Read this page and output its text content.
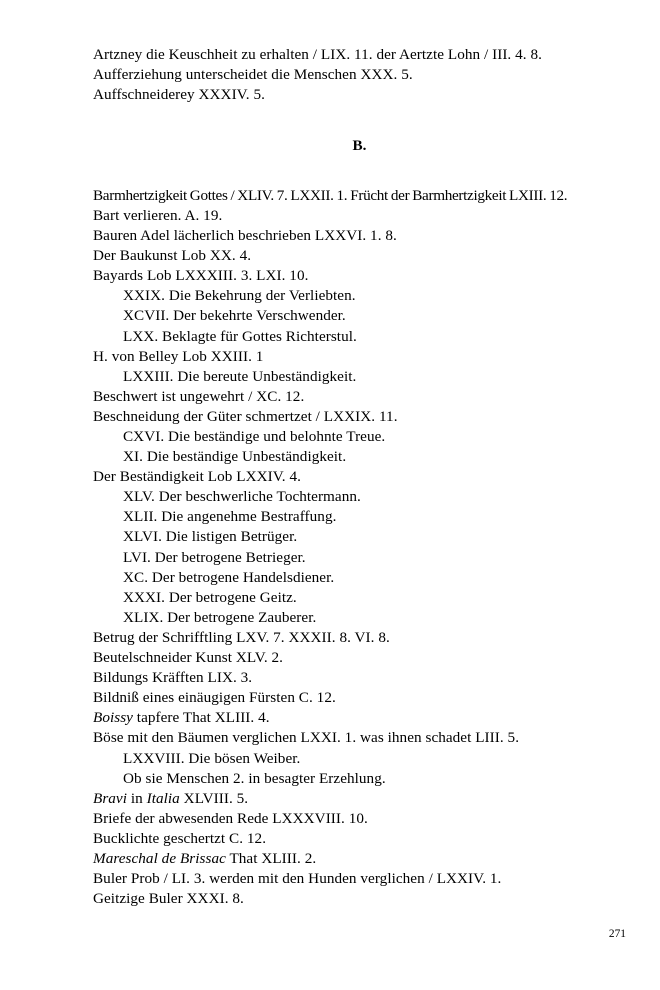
Artzney die Keuschheit zu erhalten / LIX. 11. der Aertzte Lohn / III. 4. 8.

Aufferziehung unterscheidet die Menschen XXX. 5.

Auffschneiderey XXXIV. 5.

B.

Barmhertzigkeit Gottes / XLIV. 7. LXXII. 1. Frücht der Barmhertzigkeit LXIII. 12.

Bart verlieren. A. 19.

Bauren Adel lächerlich beschrieben LXXVI. 1. 8.

Der Baukunst Lob XX. 4.

Bayards Lob LXXXIII. 3. LXI. 10.

XXIX. Die Bekehrung der Verliebten.

XCVII. Der bekehrte Verschwender.

LXX. Beklagte für Gottes Richterstul.

H. von Belley Lob XXIII. 1

LXXIII. Die bereute Unbeständigkeit.

Beschwert ist ungewehrt / XC. 12.

Beschneidung der Güter schmertzet / LXXIX. 11.

CXVI. Die beständige und belohnte Treue.

XI. Die beständige Unbeständigkeit.

Der Beständigkeit Lob LXXIV. 4.

XLV. Der beschwerliche Tochtermann.

XLII. Die angenehme Bestraffung.

XLVI. Die listigen Betrüger.

LVI. Der betrogene Betrieger.

XC. Der betrogene Handelsdiener.

XXXI. Der betrogene Geitz.

XLIX. Der betrogene Zauberer.

Betrug der Schrifftling LXV. 7. XXXII. 8. VI. 8.

Beutelschneider Kunst XLV. 2.

Bildungs Kräfften LIX. 3.

Bildniß eines einäugigen Fürsten C. 12.

Boissy tapfere That XLIII. 4.

Böse mit den Bäumen verglichen LXXI. 1. was ihnen schadet LIII. 5.

LXXVIII. Die bösen Weiber.

Ob sie Menschen 2. in besagter Erzehlung.

Bravi in Italia XLVIII. 5.

Briefe der abwesenden Rede LXXXVIII. 10.

Bucklichte geschertzt C. 12.

Mareschal de Brissac That XLIII. 2.

Buler Prob / LI. 3. werden mit den Hunden verglichen / LXXIV. 1.

Geitzige Buler XXXI. 8.

271
